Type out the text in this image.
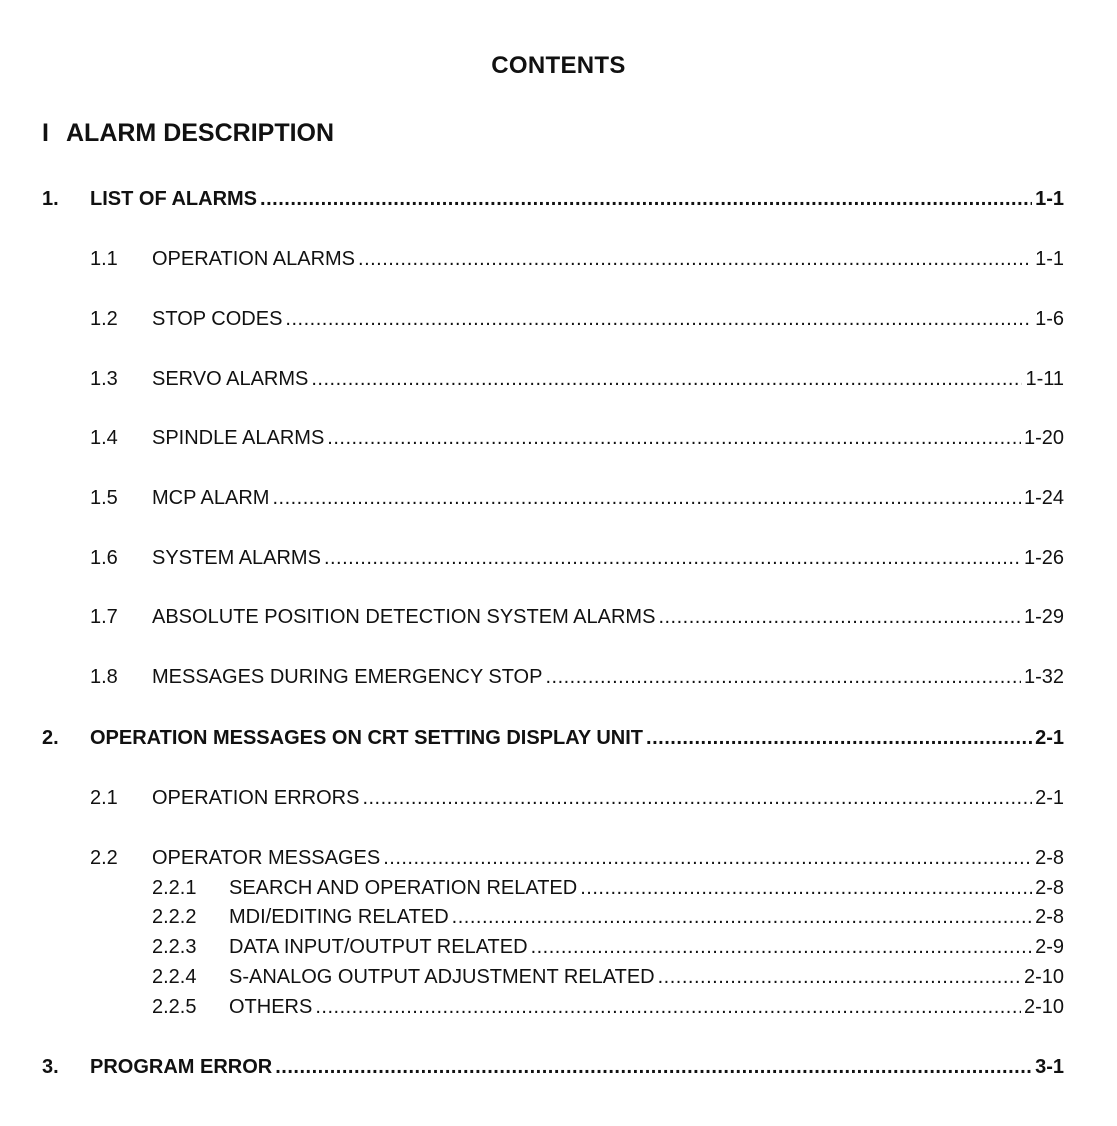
CONTENTS
I ALARM DESCRIPTION
1.	LIST OF ALARMS .....	1-1
1.1	OPERATION ALARMS .....	1-1
1.2	STOP CODES .....	1-6
1.3	SERVO ALARMS .....	1-11
1.4	SPINDLE ALARMS .....	1-20
1.5	MCP ALARM .....	1-24
1.6	SYSTEM ALARMS .....	1-26
1.7	ABSOLUTE POSITION DETECTION SYSTEM ALARMS .....	1-29
1.8	MESSAGES DURING EMERGENCY STOP .....	1-32
2.	OPERATION MESSAGES ON CRT SETTING DISPLAY UNIT .....	2-1
2.1	OPERATION ERRORS .....	2-1
2.2	OPERATOR MESSAGES .....	2-8
2.2.1	SEARCH AND OPERATION RELATED .....	2-8
2.2.2	MDI/EDITING RELATED .....	2-8
2.2.3	DATA INPUT/OUTPUT RELATED .....	2-9
2.2.4	S-ANALOG OUTPUT ADJUSTMENT RELATED .....	2-10
2.2.5	OTHERS .....	2-10
3.	PROGRAM ERROR .....	3-1
